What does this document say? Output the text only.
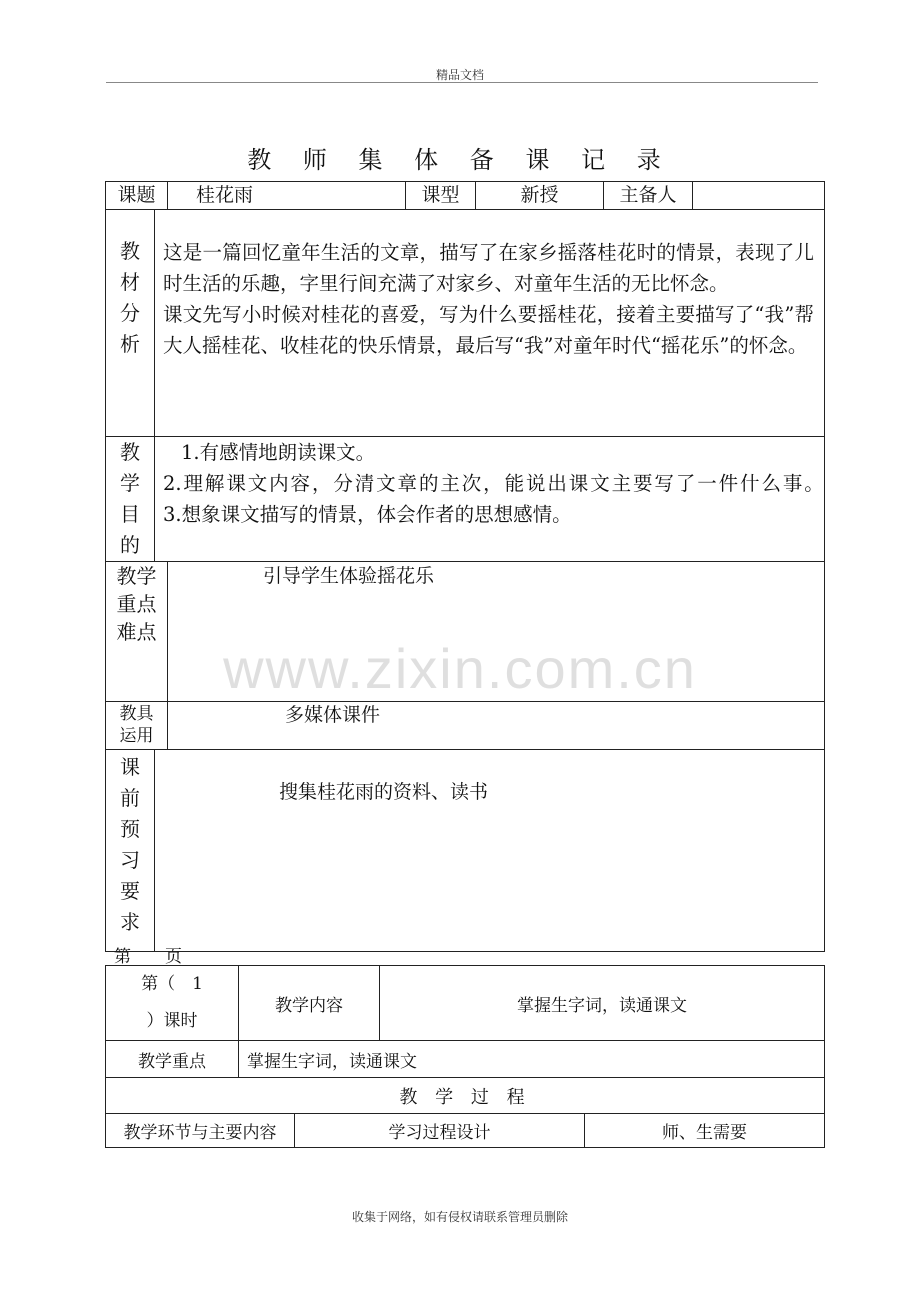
精品文档
教 师 集 体 备 课 记 录
课题		桂花雨	课型	新授	主备人	

教材分析	这是一篇回忆童年生活的文章，描写了在家乡摇落桂花时的情景，表现了儿时生活的乐趣，字里行间充满了对家乡、对童年生活的无比怀念。
课文先写小时候对桂花的喜爱，写为什么要摇桂花，接着主要描写了“我”帮大人摇桂花、收桂花的快乐情景，最后写“我”对童年时代“摇花乐”的怀念。					

教学目的	1.有感情地朗读课文。
2.理解课文内容，分清文章的主次，能说出课文主要写了一件什么事。　　3.想象课文描写的情景，体会作者的思想感情。					

教学
重点
难点		引导学生体验摇花乐				

教具
运用		多媒体课件				

课前预习要求	搜集桂花雨的资料、读书					
第　　页
第（　1
）课时	教学内容		掌握生字词，读通课文	
教学重点	掌握生字词，读通课文			
教 学 过 程				
教学环节与主要内容		学习过程设计		师、生需要
www.zixin.com.cn
收集于网络，如有侵权请联系管理员删除
